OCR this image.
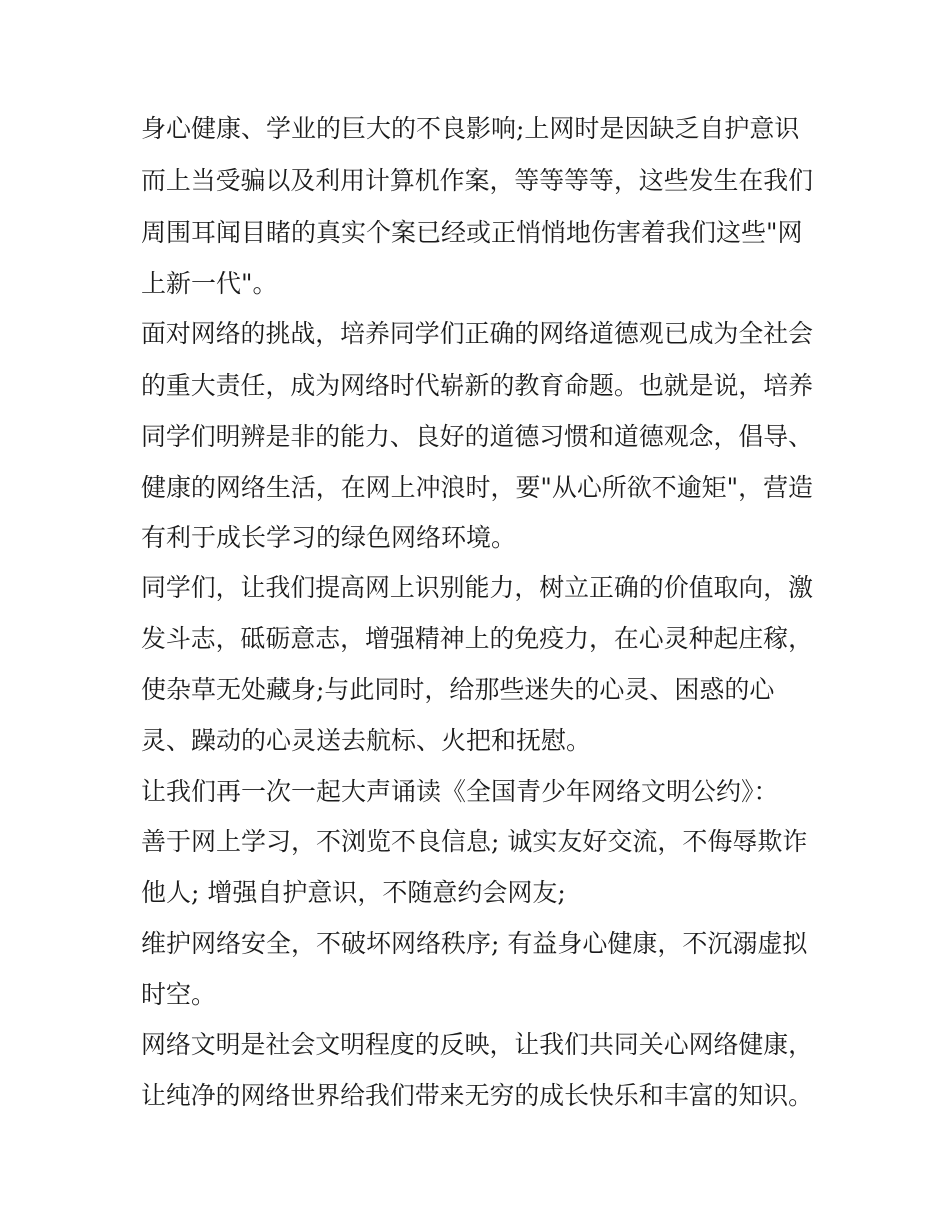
身心健康、学业的巨大的不良影响;上网时是因缺乏自护意识
而上当受骗以及利用计算机作案，等等等等，这些发生在我们
周围耳闻目睹的真实个案已经或正悄悄地伤害着我们这些"网
上新一代"。
面对网络的挑战，培养同学们正确的网络道德观已成为全社会
的重大责任，成为网络时代崭新的教育命题。也就是说，培养
同学们明辨是非的能力、良好的道德习惯和道德观念，倡导、
健康的网络生活，在网上冲浪时，要"从心所欲不逾矩"，营造
有利于成长学习的绿色网络环境。
同学们，让我们提高网上识别能力，树立正确的价值取向，激
发斗志，砥砺意志，增强精神上的免疫力，在心灵种起庄稼，
使杂草无处藏身;与此同时，给那些迷失的心灵、困惑的心
灵、躁动的心灵送去航标、火把和抚慰。
让我们再一次一起大声诵读《全国青少年网络文明公约》：
善于网上学习，不浏览不良信息; 诚实友好交流，不侮辱欺诈
他人; 增强自护意识，不随意约会网友;
维护网络安全，不破坏网络秩序; 有益身心健康，不沉溺虚拟
时空。
网络文明是社会文明程度的反映，让我们共同关心网络健康，
让纯净的网络世界给我们带来无穷的成长快乐和丰富的知识。
